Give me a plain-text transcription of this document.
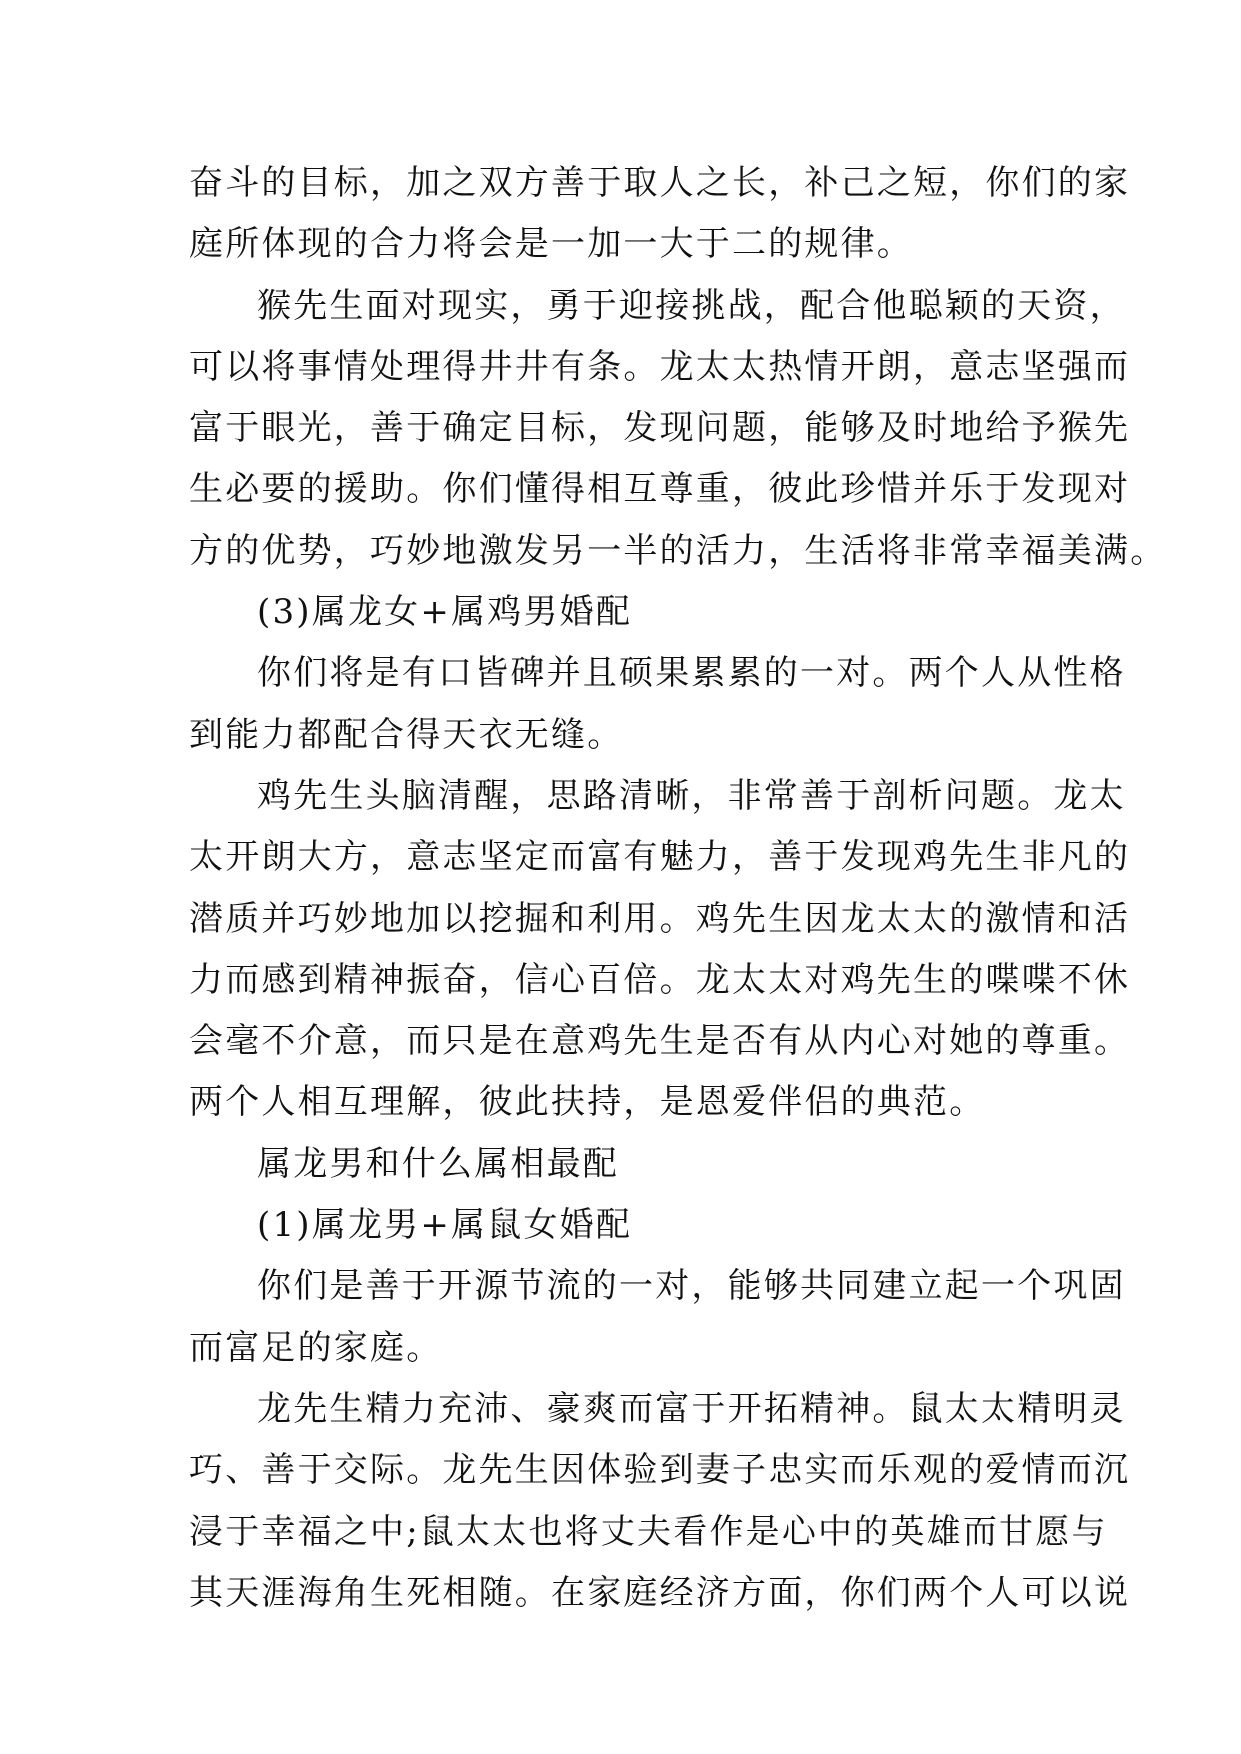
奋斗的目标，加之双方善于取人之长，补己之短，你们的家
庭所体现的合力将会是一加一大于二的规律。
猴先生面对现实，勇于迎接挑战，配合他聪颖的天资，
可以将事情处理得井井有条。龙太太热情开朗，意志坚强而
富于眼光，善于确定目标，发现问题，能够及时地给予猴先
生必要的援助。你们懂得相互尊重，彼此珍惜并乐于发现对
方的优势，巧妙地激发另一半的活力，生活将非常幸福美满。
(3)属龙女+属鸡男婚配
你们将是有口皆碑并且硕果累累的一对。两个人从性格
到能力都配合得天衣无缝。
鸡先生头脑清醒，思路清晰，非常善于剖析问题。龙太
太开朗大方，意志坚定而富有魅力，善于发现鸡先生非凡的
潜质并巧妙地加以挖掘和利用。鸡先生因龙太太的激情和活
力而感到精神振奋，信心百倍。龙太太对鸡先生的喋喋不休
会毫不介意，而只是在意鸡先生是否有从内心对她的尊重。
两个人相互理解，彼此扶持，是恩爱伴侣的典范。
属龙男和什么属相最配
(1)属龙男+属鼠女婚配
你们是善于开源节流的一对，能够共同建立起一个巩固
而富足的家庭。
龙先生精力充沛、豪爽而富于开拓精神。鼠太太精明灵
巧、善于交际。龙先生因体验到妻子忠实而乐观的爱情而沉
浸于幸福之中;鼠太太也将丈夫看作是心中的英雄而甘愿与
其天涯海角生死相随。在家庭经济方面，你们两个人可以说
